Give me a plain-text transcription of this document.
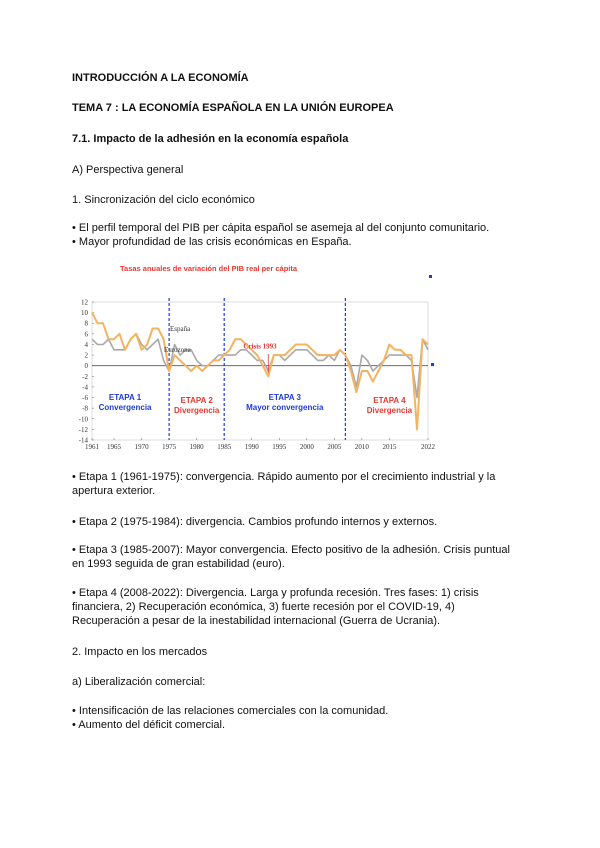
INTRODUCCIÓN A LA ECONOMÍA
TEMA 7 : LA ECONOMÍA ESPAÑOLA EN LA UNIÓN EUROPEA
7.1. Impacto de la adhesión en la economía española
A) Perspectiva general
1. Sincronización del ciclo económico
• El perfil temporal del PIB per cápita español se asemeja al del conjunto comunitario.
• Mayor profundidad de las crisis económicas en España.
Tasas anuales de variación del PIB real per cápita
12
10
8
6
4
2
0
-2
-4
-6
-8
-10
-12
-14
1961 1965 1970 1975 1980 1985 1990 1995 2000 2005 2010 2015	2022
ETAPA 1
Convergencia
ETAPA 2
Divergencia
ETAPA 3
Mayor convergencia
ETAPA 4
Divergencia
España
Eurozona	Crisis 1993
• Etapa 1 (1961-1975): convergencia. Rápido aumento por el crecimiento industrial y la
apertura exterior.
• Etapa 2 (1975-1984): divergencia. Cambios profundo internos y externos.
• Etapa 3 (1985-2007): Mayor convergencia. Efecto positivo de la adhesión. Crisis puntual
en 1993 seguida de gran estabilidad (euro).
• Etapa 4 (2008-2022): Divergencia. Larga y profunda recesión. Tres fases: 1) crisis
financiera, 2) Recuperación económica, 3) fuerte recesión por el COVID-19, 4)
Recuperación a pesar de la inestabilidad internacional (Guerra de Ucrania).
2. Impacto en los mercados
a) Liberalización comercial:
• Intensificación de las relaciones comerciales con la comunidad.
• Aumento del déficit comercial.
